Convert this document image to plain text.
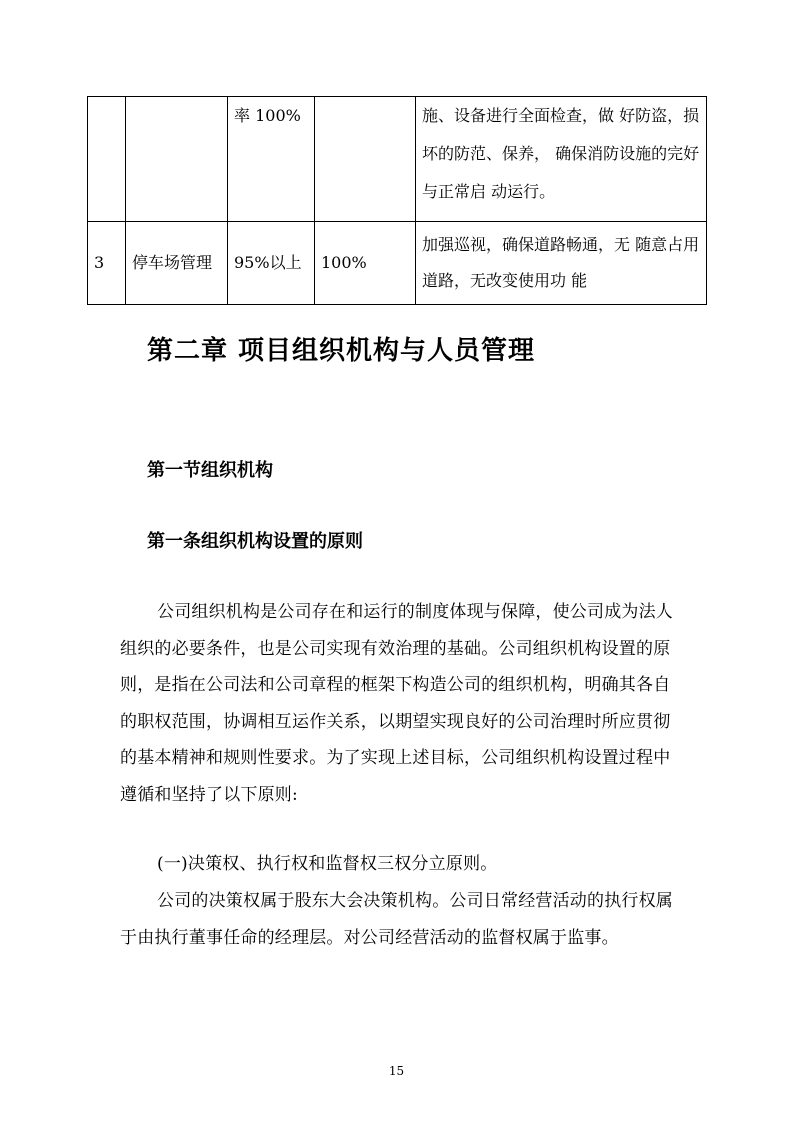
		率 100%		施、设备进行全面检查，做 好防盗，损坏的防范、保养， 确保消防设施的完好与正常启 动运行。
3	停车场管理	95%以上	100%	加强巡视，确保道路畅通，无 随意占用道路，无改变使用功 能
第二章 项目组织机构与人员管理
第一节组织机构
第一条组织机构设置的原则

公司组织机构是公司存在和运行的制度体现与保障，使公司成为法人组织的必要条件，也是公司实现有效治理的基础。公司组织机构设置的原则，是指在公司法和公司章程的框架下构造公司的组织机构，明确其各自的职权范围，协调相互运作关系，以期望实现良好的公司治理时所应贯彻的基本精神和规则性要求。为了实现上述目标，公司组织机构设置过程中遵循和坚持了以下原则:

(一)决策权、执行权和监督权三权分立原则。

公司的决策权属于股东大会决策机构。公司日常经营活动的执行权属于由执行董事任命的经理层。对公司经营活动的监督权属于监事。

15
